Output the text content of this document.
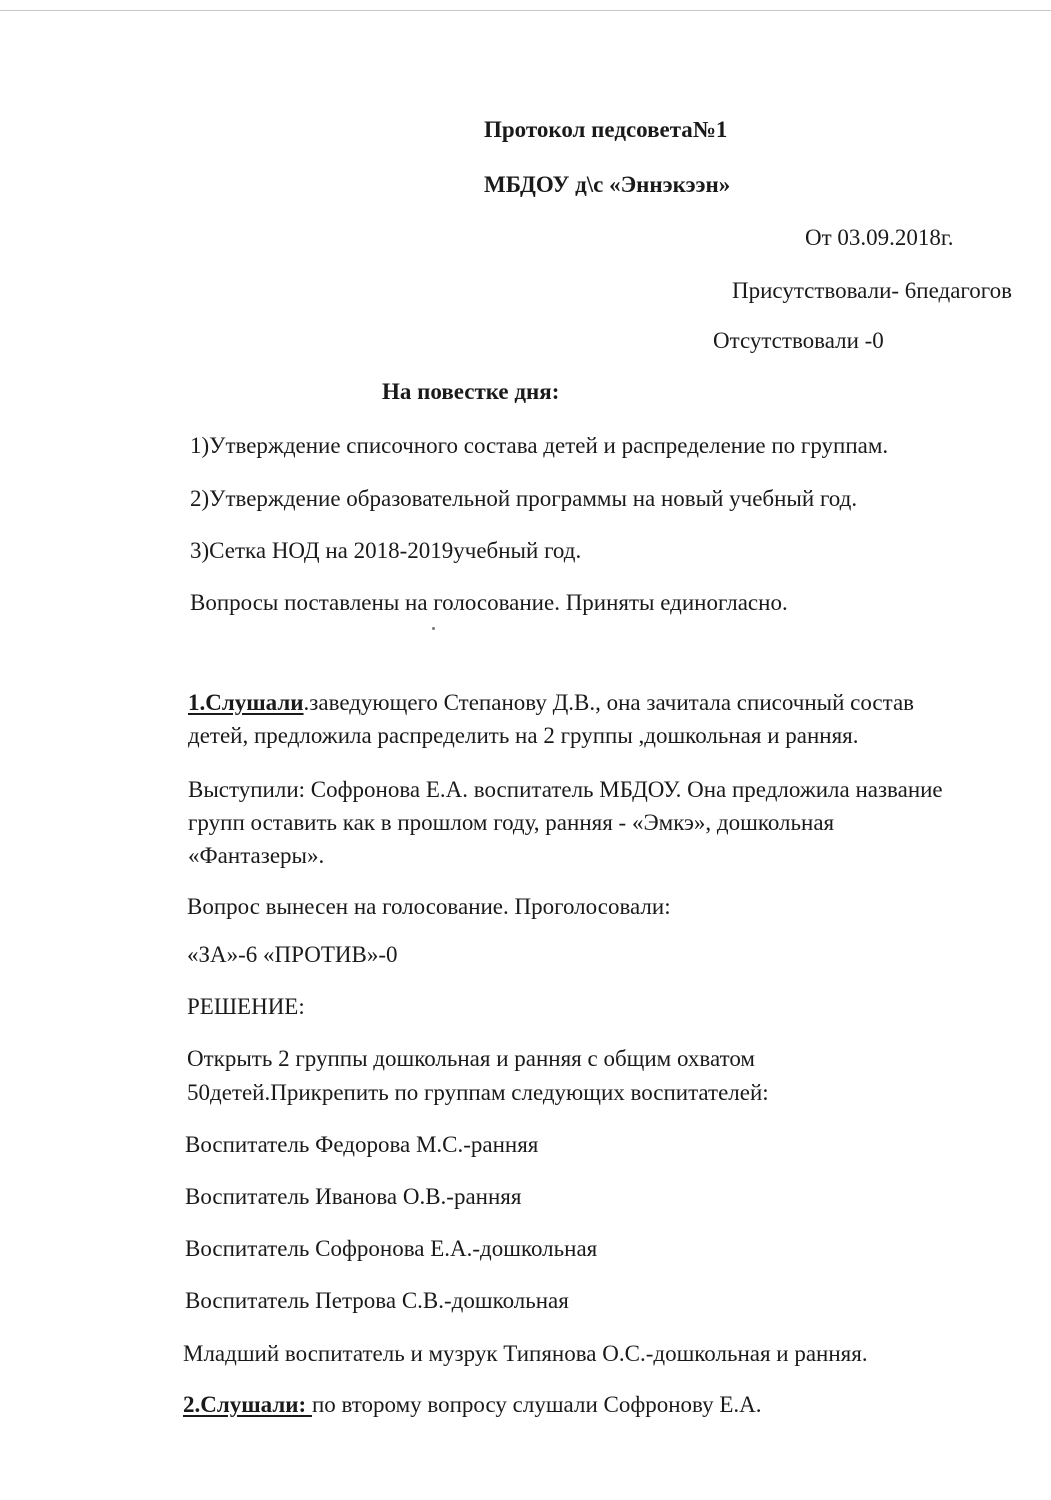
Протокол педсовета№1
МБДОУ д\с «Эннэкээн»
От 03.09.2018г.
Присутствовали- 6педагогов
Отсутствовали -0
На повестке дня:
1)Утверждение списочного состава детей и распределение по группам.
2)Утверждение образовательной программы на новый учебный год.
3)Сетка НОД на 2018-2019учебный год.
Вопросы поставлены на голосование. Приняты единогласно.
1.Слушали.заведующего Степанову Д.В., она зачитала списочный состав
детей, предложила распределить на 2 группы ,дошкольная и ранняя.
Выступили: Софронова Е.А. воспитатель МБДОУ. Она предложила название
групп оставить как в прошлом году, ранняя - «Эмкэ», дошкольная
«Фантазеры».
Вопрос вынесен на голосование. Проголосовали:
«ЗА»-6 «ПРОТИВ»-0
РЕШЕНИЕ:
Открыть 2 группы дошкольная и ранняя с общим охватом
50детей.Прикрепить по группам следующих воспитателей:
Воспитатель Федорова М.С.-ранняя
Воспитатель Иванова О.В.-ранняя
Воспитатель Софронова Е.А.-дошкольная
Воспитатель Петрова С.В.-дошкольная
Младший воспитатель и музрук Типянова О.С.-дошкольная и ранняя.
2.Слушали: по второму вопросу слушали Софронову Е.А.
